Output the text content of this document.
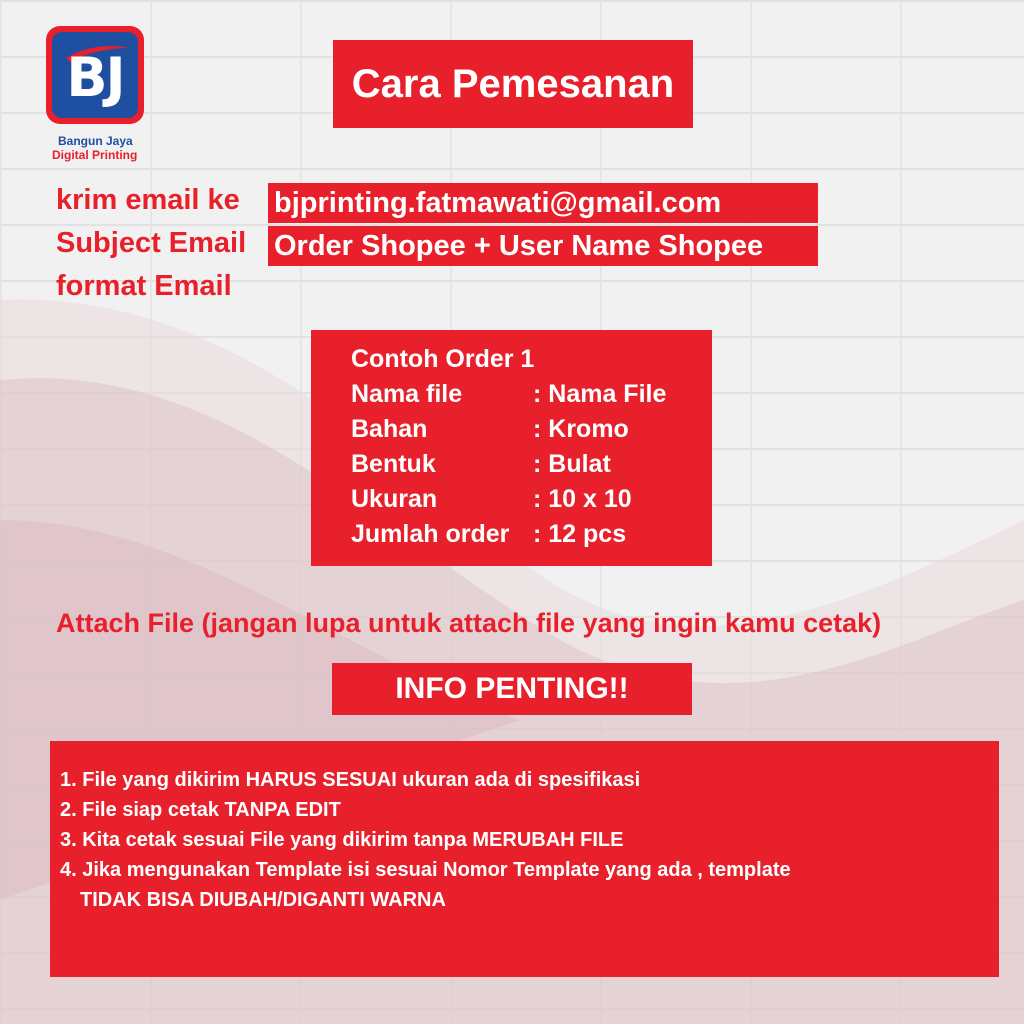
BJ
Bangun Jaya
Digital Printing
Cara Pemesanan
krim email ke bjprinting.fatmawati@gmail.com
Subject Email Order Shopee + User Name Shopee
format Email
Contoh Order 1
Nama file	: Nama File
Bahan	: Kromo
Bentuk	: Bulat
Ukuran	: 10 x 10
Jumlah order : 12 pcs
Attach File (jangan lupa untuk attach file yang ingin kamu cetak)
INFO PENTING!!
1. File yang dikirim HARUS SESUAI ukuran ada di spesifikasi
2. File siap cetak TANPA EDIT
3. Kita cetak sesuai File yang dikirim tanpa MERUBAH FILE
4. Jika mengunakan Template isi sesuai Nomor Template yang ada , template
TIDAK BISA DIUBAH/DIGANTI WARNA
